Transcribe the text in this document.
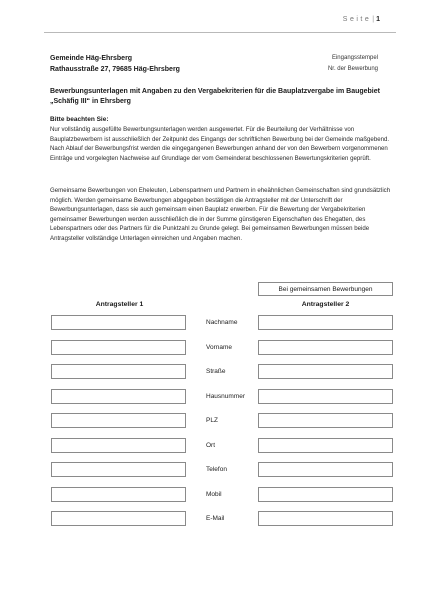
Seite| 1
Gemeinde Häg-Ehrsberg
Rathausstraße 27, 79685 Häg-Ehrsberg
Eingangsstempel
Nr. der Bewerbung
Bewerbungsunterlagen mit Angaben zu den Vergabekriterien für die Bauplatzvergabe im Baugebiet „Schäfig III“ in Ehrsberg
Bitte beachten Sie:
Nur vollständig ausgefüllte Bewerbungsunterlagen werden ausgewertet. Für die Beurteilung der Verhältnisse von Bauplatzbewerbern ist ausschließlich der Zeitpunkt des Eingangs der schriftlichen Bewerbung bei der Gemeinde maßgebend. Nach Ablauf der Bewerbungsfrist werden die eingegangenen Bewerbungen anhand der von den Bewerbern vorgenommenen Einträge und vorgelegten Nachweise auf Grundlage der vom Gemeinderat beschlossenen Bewertungskriterien geprüft.
Gemeinsame Bewerbungen von Eheleuten, Lebenspartnern und Partnern in eheähnlichen Gemeinschaften sind grundsätzlich möglich. Werden gemeinsame Bewerbungen abgegeben bestätigen die Antragsteller mit der Unterschrift der Bewerbungsunterlagen, dass sie auch gemeinsam einen Bauplatz erwerben. Für die Bewertung der Vergabekriterien gemeinsamer Bewerbungen werden ausschließlich die in der Summe günstigeren Eigenschaften des Ehegatten, des Lebenspartners oder des Partners für die Punktzahl zu Grunde gelegt. Bei gemeinsamen Bewerbungen müssen beide Antragsteller vollständige Unterlagen einreichen und Angaben machen.
Bei gemeinsamen Bewerbungen
Antragsteller 1	Antragsteller 2
Nachname
Vorname
Straße
Hausnummer
PLZ
Ort
Telefon
Mobil
E-Mail
